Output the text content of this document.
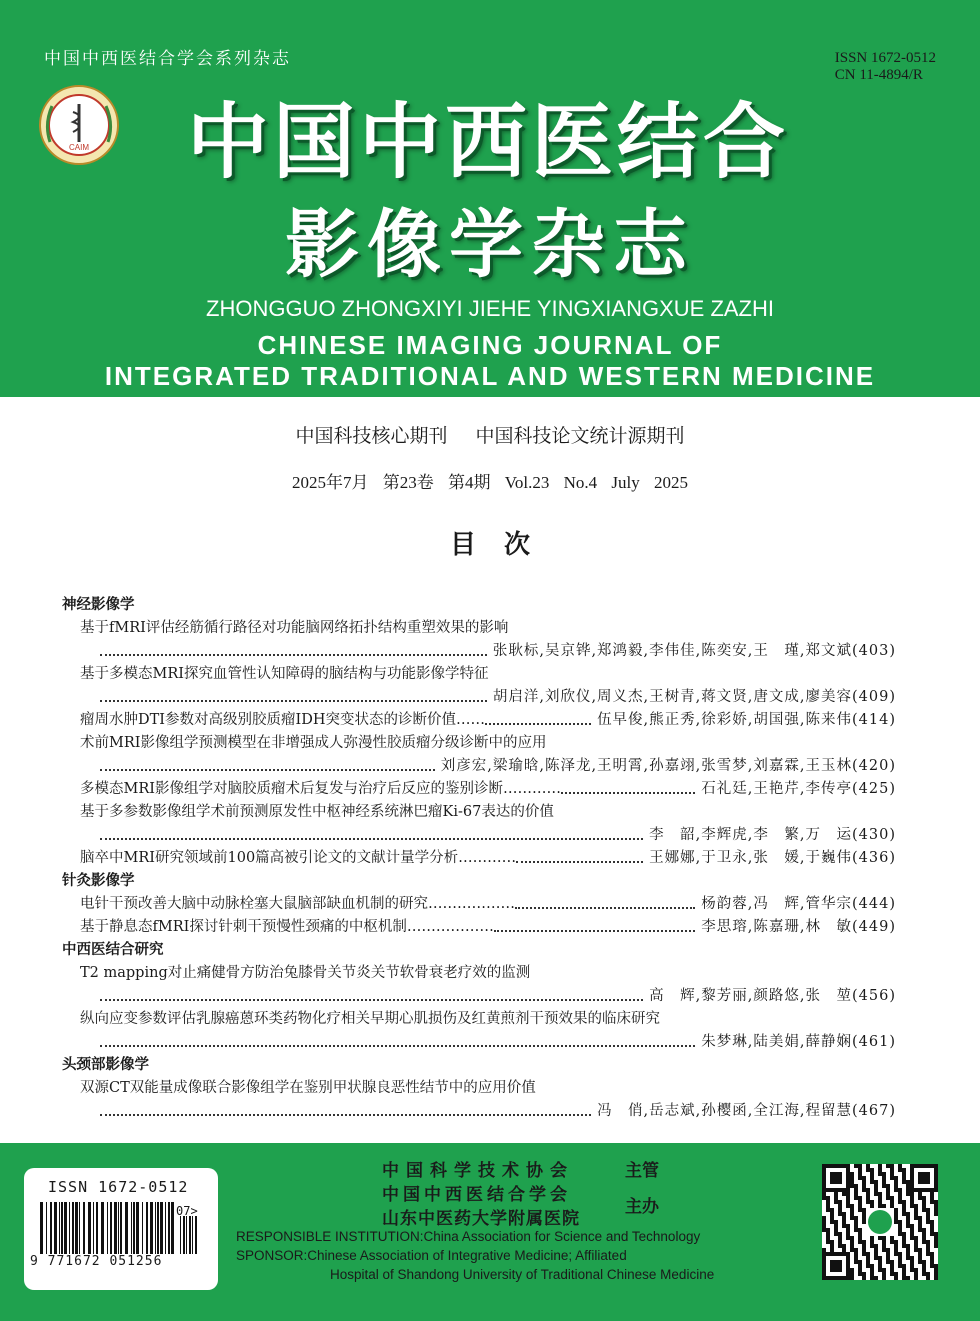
中国中西医结合学会系列杂志	ISSN 1672-0512
CN 11-4894/R
CAIM	中国中西医结合
影像学杂志
ZHONGGUO ZHONGXIYI JIEHE YINGXIANGXUE ZAZHI
CHINESE IMAGING JOURNAL OF
INTEGRATED TRADITIONAL AND WESTERN MEDICINE
中国科技核心期刊 中国科技论文统计源期刊
2025年7月 第23卷 第4期 Vol.23 No.4 July 2025
目次
神经影像学
基于fMRI评估经筋循行路径对功能脑网络拓扑结构重塑效果的影响
张耿标,吴京铧,郑鸿毅,李伟佳,陈奕安,王　瑾,郑文斌(403)
基于多模态MRI探究血管性认知障碍的脑结构与功能影像学特征
胡启洋,刘欣仪,周义杰,王树青,蒋文贤,唐文成,廖美容(409)
瘤周水肿DTI参数对高级别胶质瘤IDH突变状态的诊断价值……	伍早俊,熊正秀,徐彩娇,胡国强,陈来伟(414)
术前MRI影像组学预测模型在非增强成人弥漫性胶质瘤分级诊断中的应用
刘彦宏,梁瑜晗,陈泽龙,王明霄,孙嘉翊,张雪梦,刘嘉霖,王玉林(420)
多模态MRI影像组学对脑胶质瘤术后复发与治疗后反应的鉴别诊断…………	石礼廷,王艳芹,李传亭(425)
基于多参数影像组学术前预测原发性中枢神经系统淋巴瘤Ki-67表达的价值
李　韶,李辉虎,李　繁,万　运(430)
脑卒中MRI研究领域前100篇高被引论文的文献计量学分析…………	王娜娜,于卫永,张　媛,于巍伟(436)
针灸影像学
电针干预改善大脑中动脉栓塞大鼠脑部缺血机制的研究………………	杨韵蓉,冯　辉,管华宗(444)
基于静息态fMRI探讨针刺干预慢性颈痛的中枢机制………………	李思瑢,陈嘉珊,林　敏(449)
中西医结合研究
T2 mapping对止痛健骨方防治兔膝骨关节炎关节软骨衰老疗效的监测
高　辉,黎芳丽,颜路悠,张　堃(456)
纵向应变参数评估乳腺癌蒽环类药物化疗相关早期心肌损伤及红黄煎剂干预效果的临床研究
朱梦琳,陆美娟,薛静娴(461)
头颈部影像学
双源CT双能量成像联合影像组学在鉴别甲状腺良恶性结节中的应用价值
冯　俏,岳志斌,孙樱函,全江海,程留慧(467)
ISSN 1672-0512
07>
9 771672 051256
中国科学技术协会
中国中西医结合学会
山东中医药大学附属医院
主管
主办
RESPONSIBLE INSTITUTION:China Association for Science and Technology
SPONSOR:Chinese Association of Integrative Medicine; Affiliated
Hospital of Shandong University of Traditional Chinese Medicine
